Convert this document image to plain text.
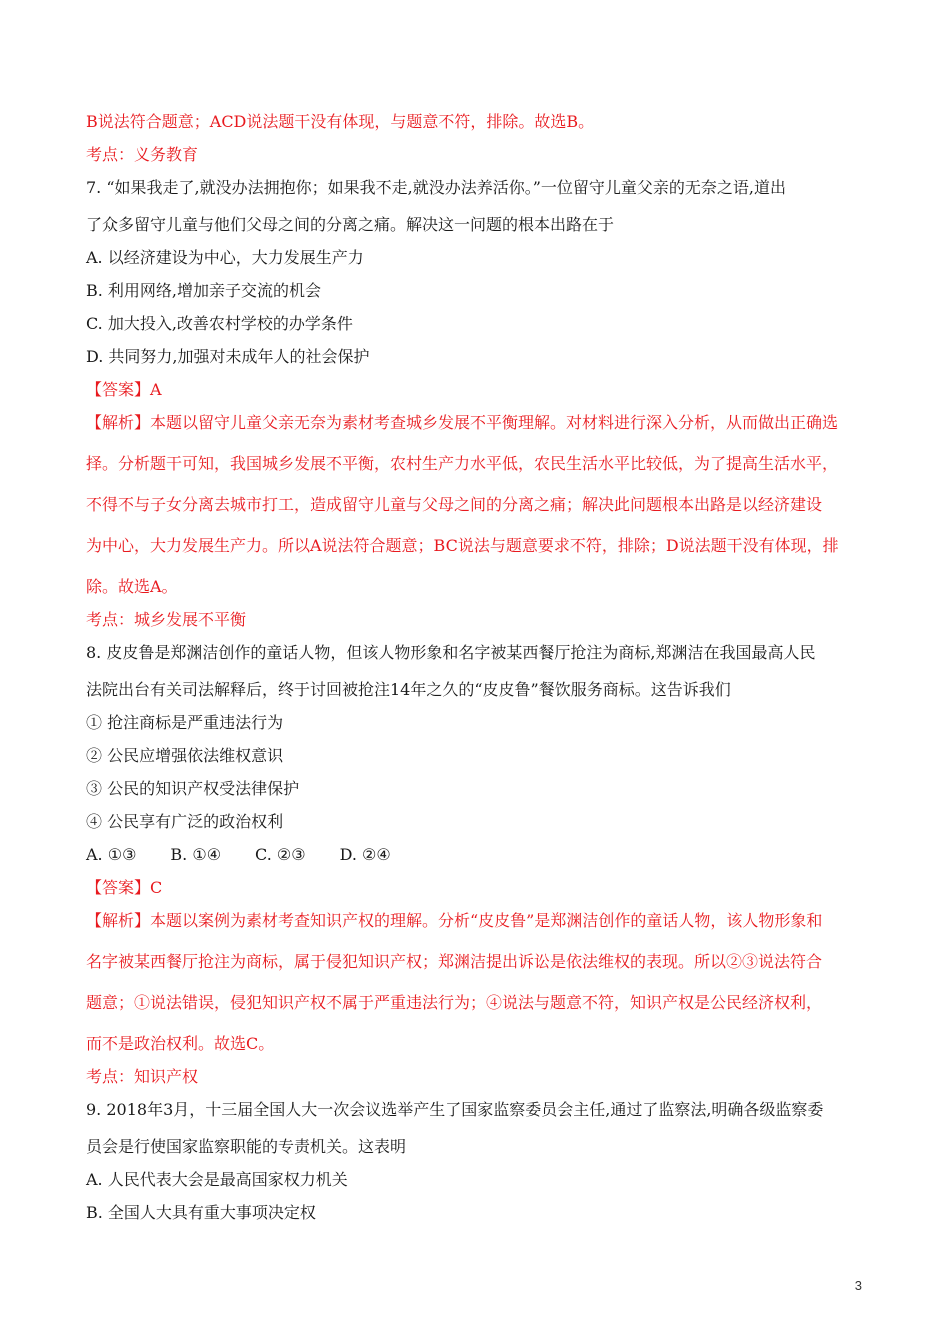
B说法符合题意；ACD说法题干没有体现，与题意不符，排除。故选B。

考点：义务教育

7. “如果我走了,就没办法拥抱你；如果我不走,就没办法养活你。”一位留守儿童父亲的无奈之语,道出

了众多留守儿童与他们父母之间的分离之痛。解决这一问题的根本出路在于

A. 以经济建设为中心，大力发展生产力

B. 利用网络,增加亲子交流的机会

C. 加大投入,改善农村学校的办学条件

D. 共同努力,加强对未成年人的社会保护

【答案】A

【解析】本题以留守儿童父亲无奈为素材考查城乡发展不平衡理解。对材料进行深入分析，从而做出正确选

择。分析题干可知，我国城乡发展不平衡，农村生产力水平低，农民生活水平比较低，为了提高生活水平，

不得不与子女分离去城市打工，造成留守儿童与父母之间的分离之痛；解决此问题根本出路是以经济建设

为中心，大力发展生产力。所以A说法符合题意；BC说法与题意要求不符，排除；D说法题干没有体现，排

除。故选A。

考点：城乡发展不平衡

8. 皮皮鲁是郑渊洁创作的童话人物，但该人物形象和名字被某西餐厅抢注为商标,郑渊洁在我国最高人民

法院出台有关司法解释后，终于讨回被抢注14年之久的“皮皮鲁”餐饮服务商标。这告诉我们

① 抢注商标是严重违法行为

② 公民应增强依法维权意识

③ 公民的知识产权受法律保护

④ 公民享有广泛的政治权利

A. ①③ B. ①④ C. ②③ D. ②④

【答案】C

【解析】本题以案例为素材考查知识产权的理解。分析“皮皮鲁”是郑渊洁创作的童话人物，该人物形象和

名字被某西餐厅抢注为商标，属于侵犯知识产权；郑渊洁提出诉讼是依法维权的表现。所以②③说法符合

题意；①说法错误，侵犯知识产权不属于严重违法行为；④说法与题意不符，知识产权是公民经济权利，

而不是政治权利。故选C。

考点：知识产权

9. 2018年3月，十三届全国人大一次会议选举产生了国家监察委员会主任,通过了监察法,明确各级监察委

员会是行使国家监察职能的专责机关。这表明

A. 人民代表大会是最高国家权力机关

B. 全国人大具有重大事项决定权

3
